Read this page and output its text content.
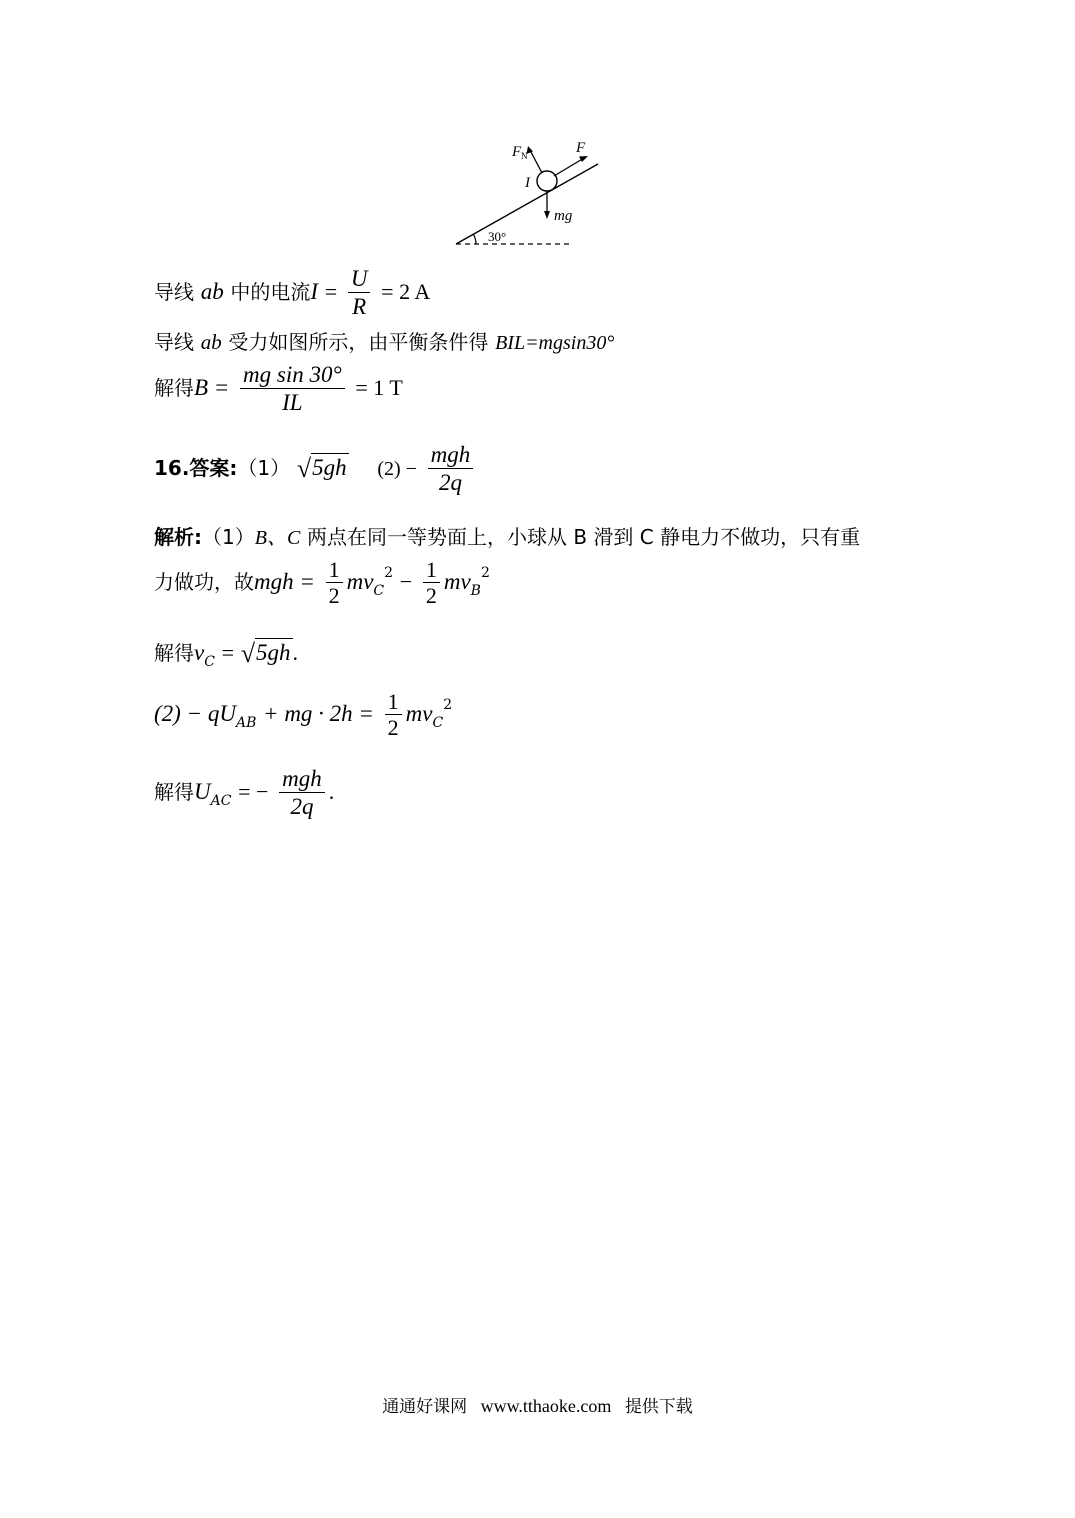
F N	F
I
mg
30°
导线 ab 中的电流$I = \frac{U}{R} = 2$ A
导线 ab 受力如图所示，由平衡条件得 BIL=mgsin30°
解得$B = \frac{\text{mg sin 30°}}{IL} = 1$ T
16.答案:（1） √5gh $(2) - \frac{\text{mgh}}{2q}$
解析:（1）B、C 两点在同一等势面上，小球从 B 滑到 C 静电力不做功，只有重
力做功，故mgh = $\frac{1}{2} mv_C^2 - \frac{1}{2} mv_B^2$
解得$v_C = √5gh$.
$(2) - qU_{AB}$ + mg · $2h = \frac{1}{2} mv_C^2$
解得$U_{AC}$ = − $\frac{\text{mgh}}{2q}$ .
通通好课网 www.tthaoke.com 提供下载
